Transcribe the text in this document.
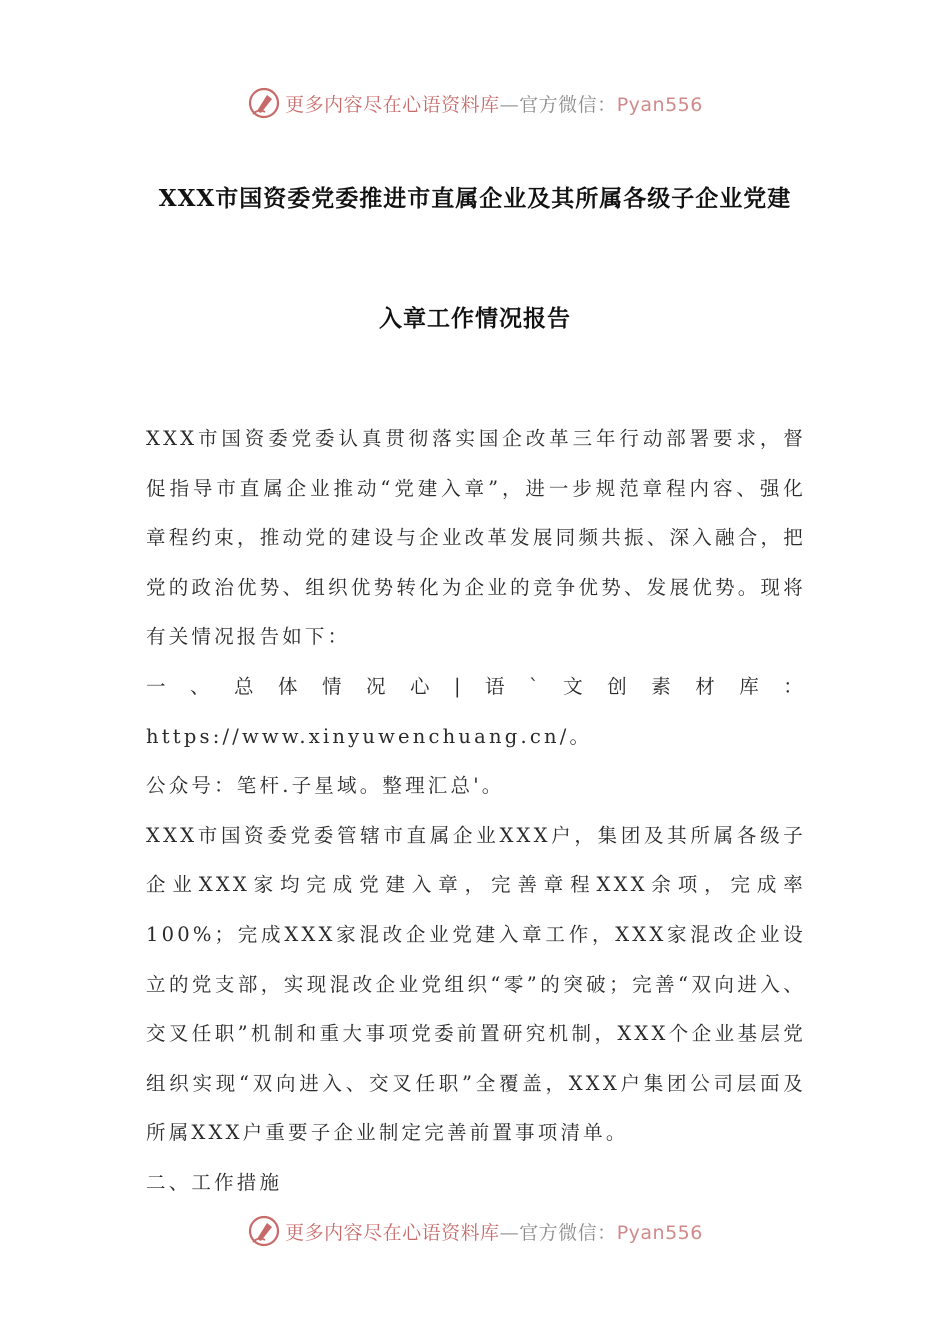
更多内容尽在心语资料库—官方微信：Pyan556
XXX市国资委党委推进市直属企业及其所属各级子企业党建
入章工作情况报告

XXX市国资委党委认真贯彻落实国企改革三年行动部署要求，督促指导市直属企业推动“党建入章”，进一步规范章程内容、强化章程约束，推动党的建设与企业改革发展同频共振、深入融合，把党的政治优势、组织优势转化为企业的竞争优势、发展优势。现将有关情况报告如下：

一、总体情况心|语`文创素材库：https://www.xinyuwenchuang.cn/。

公众号：笔杆.子星域。整理汇总'。

XXX市国资委党委管辖市直属企业XXX户，集团及其所属各级子企业XXX家均完成党建入章，完善章程XXX余项，完成率100%；完成XXX家混改企业党建入章工作，XXX家混改企业设立的党支部，实现混改企业党组织“零”的突破；完善“双向进入、交叉任职”机制和重大事项党委前置研究机制，XXX个企业基层党组织实现“双向进入、交叉任职”全覆盖，XXX户集团公司层面及所属XXX户重要子企业制定完善前置事项清单。

二、工作措施

更多内容尽在心语资料库—官方微信：Pyan556
